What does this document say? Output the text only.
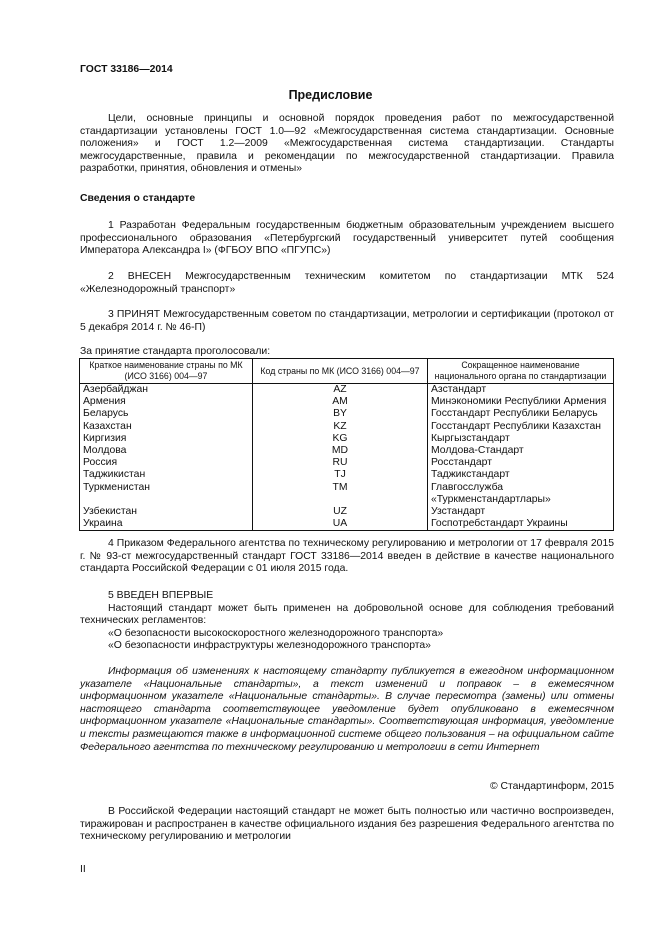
ГОСТ 33186—2014
Предисловие

Цели, основные принципы и основной порядок проведения работ по межгосударственной стандартизации установлены ГОСТ 1.0—92 «Межгосударственная система стандартизации. Основные положения» и ГОСТ 1.2—2009 «Межгосударственная система стандартизации. Стандарты межгосударственные, правила и рекомендации по межгосударственной стандартизации. Правила разработки, принятия, обновления и отмены»

Сведения о стандарте

1 Разработан Федеральным государственным бюджетным образовательным учреждением высшего профессионального образования «Петербургский государственный университет путей сообщения Императора Александра I» (ФГБОУ ВПО «ПГУПС»)

2 ВНЕСЕН Межгосударственным техническим комитетом по стандартизации МТК 524 «Железнодорожный транспорт»

3 ПРИНЯТ Межгосударственным советом по стандартизации, метрологии и сертификации (протокол от 5 декабря 2014 г. № 46-П)

За принятие стандарта проголосовали:
Краткое наименование страны по МК (ИСО 3166) 004—97	Код страны по МК (ИСО 3166) 004—97	Сокращенное наименование национального органа по стандартизации
Азербайджан	AZ	Азстандарт
Армения	AM	Минэкономики Республики Армения
Беларусь	BY	Госстандарт Республики Беларусь
Казахстан	KZ	Госстандарт Республики Казахстан
Киргизия	KG	Кыргызстандарт
Молдова	MD	Молдова-Стандарт
Россия	RU	Росстандарт
Таджикистан	TJ	Таджикстандарт
Туркменистан	TM	Главгосслужба «Туркменстандартлары»
Узбекистан	UZ	Узстандарт
Украина	UA	Госпотребстандарт Украины

4 Приказом Федерального агентства по техническому регулированию и метрологии от 17 февраля 2015 г. № 93-ст межгосударственный стандарт ГОСТ 33186—2014 введен в действие в качестве национального стандарта Российской Федерации с 01 июля 2015 года.

5 ВВЕДЕН ВПЕРВЫЕ

Настоящий стандарт может быть применен на добровольной основе для соблюдения требований технических регламентов:

«О безопасности высокоскоростного железнодорожного транспорта»

«О безопасности инфраструктуры железнодорожного транспорта»

Информация об изменениях к настоящему стандарту публикуется в ежегодном информационном указателе «Национальные стандарты», а текст изменений и поправок – в ежемесячном информационном указателе «Национальные стандарты». В случае пересмотра (замены) или отмены настоящего стандарта соответствующее уведомление будет опубликовано в ежемесячном информационном указателе «Национальные стандарты». Соответствующая информация, уведомление и тексты размещаются также в информационной системе общего пользования – на официальном сайте Федерального агентства по техническому регулированию и метрологии в сети Интернет

© Стандартинформ, 2015

В Российской Федерации настоящий стандарт не может быть полностью или частично воспроизведен, тиражирован и распространен в качестве официального издания без разрешения Федерального агентства по техническому регулированию и метрологии

II
